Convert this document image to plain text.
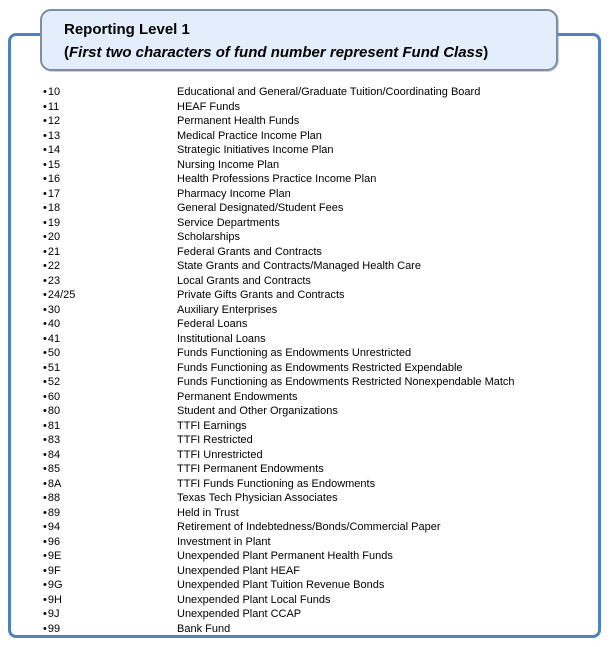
Reporting Level 1
(First two characters of fund number represent Fund Class)
• 10	Educational and General/Graduate Tuition/Coordinating Board
• 11	HEAF Funds
• 12	Permanent Health Funds
• 13	Medical Practice Income Plan
• 14	Strategic Initiatives Income Plan
• 15	Nursing Income Plan
• 16	Health Professions Practice Income Plan
• 17	Pharmacy Income Plan
• 18	General Designated/Student Fees
• 19	Service Departments
• 20	Scholarships
• 21	Federal Grants and Contracts
• 22	State Grants and Contracts/Managed Health Care
• 23	Local Grants and Contracts
• 24/25	Private Gifts Grants and Contracts
• 30	Auxiliary Enterprises
• 40	Federal Loans
• 41	Institutional Loans
• 50	Funds Functioning as Endowments Unrestricted
• 51	Funds Functioning as Endowments Restricted Expendable
• 52	Funds Functioning as Endowments Restricted Nonexpendable Match
• 60	Permanent Endowments
• 80	Student and Other Organizations
• 81	TTFI Earnings
• 83	TTFI Restricted
• 84	TTFI Unrestricted
• 85	TTFI Permanent Endowments
• 8A	TTFI Funds Functioning as Endowments
• 88	Texas Tech Physician Associates
• 89	Held in Trust
• 94	Retirement of Indebtedness/Bonds/Commercial Paper
• 96	Investment in Plant
• 9E	Unexpended Plant Permanent Health Funds
• 9F	Unexpended Plant HEAF
• 9G	Unexpended Plant Tuition Revenue Bonds
• 9H	Unexpended Plant Local Funds
• 9J	Unexpended Plant CCAP
• 99	Bank Fund
